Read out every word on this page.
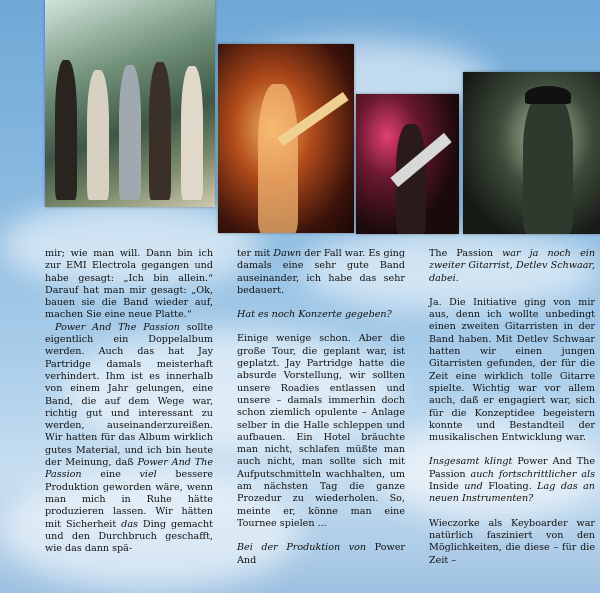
mir; wie man will. Dann bin ich zur EMI Electrola gegangen und habe gesagt: „Ich bin allein.“ Darauf hat man mir gesagt: „Ok, bauen sie die Band wieder auf, machen Sie eine neue Platte.“

Power And The Passion sollte eigentlich ein Doppelalbum werden. Auch das hat Jay Partridge damals meisterhaft verhindert. Ihm ist es innerhalb von einem Jahr gelungen, eine Band, die auf dem Wege war, richtig gut und interessant zu werden, auseinanderzureißen. Wir hatten für das Album wirklich gutes Material, und ich bin heute der Meinung, daß Power And The Passion eine viel bessere Produktion geworden wäre, wenn man mich in Ruhe hätte produzieren lassen. Wir hätten mit Sicherheit das Ding gemacht und den Durchbruch geschafft, wie das dann spä-

ter mit Dawn der Fall war. Es ging damals eine sehr gute Band auseinander, ich habe das sehr bedauert.

Hat es noch Konzerte gegeben?

Einige wenige schon. Aber die große Tour, die geplant war, ist geplatzt. Jay Partridge hatte die absurde Vorstellung, wir sollten unsere Roadies entlassen und unsere – damals immerhin doch schon ziemlich opulente – Anlage selber in die Halle schleppen und aufbauen. Ein Hotel bräuchte man nicht, schlafen müßte man auch nicht, man sollte sich mit Aufputschmitteln wachhalten, um am nächsten Tag die ganze Prozedur zu wiederholen. So, meinte er, könne man eine Tournee spielen ...

Bei der Produktion von Power And

The Passion war ja noch ein zweiter Gitarrist, Detlev Schwaar, dabei.

Ja. Die Initiative ging von mir aus, denn ich wollte unbedingt einen zweiten Gitarristen in der Band haben. Mit Detlev Schwaar hatten wir einen jungen Gitarristen gefunden, der für die Zeit eine wirklich tolle Gitarre spielte. Wichtig war vor allem auch, daß er engagiert war, sich für die Konzeptidee begeistern konnte und Bestandteil der musikalischen Entwicklung war.

Insgesamt klingt Power And The Passion auch fortschrittlicher als Inside und Floating. Lag das an neuen Instrumenten?

Wieczorke als Keyboarder war natürlich fasziniert von den Möglichkeiten, die diese – für die Zeit –
